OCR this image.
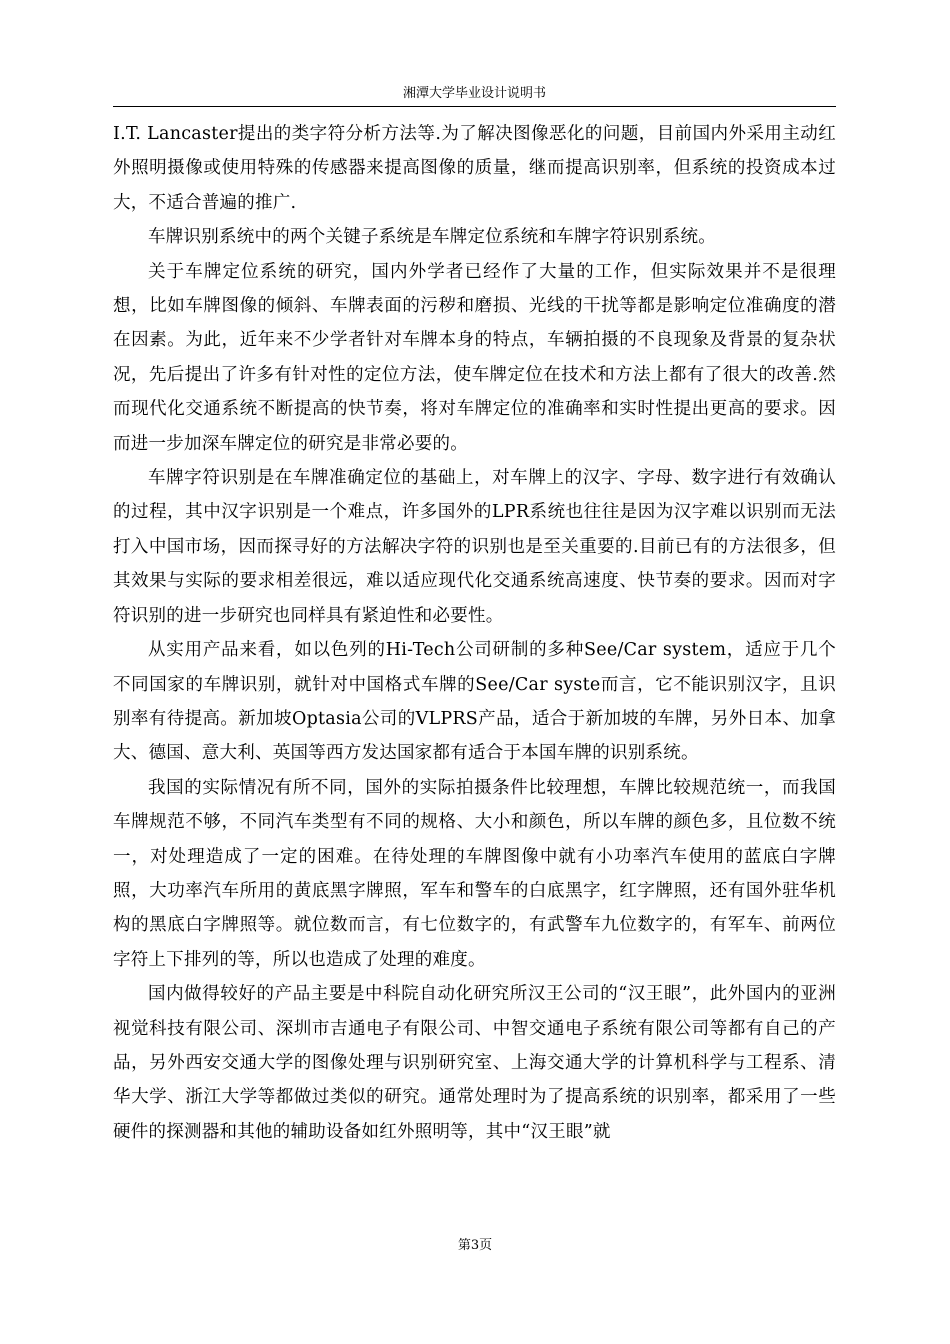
湘潭大学毕业设计说明书

I.T. Lancaster提出的类字符分析方法等.为了解决图像恶化的问题，目前国内外采用主动红外照明摄像或使用特殊的传感器来提高图像的质量，继而提高识别率，但系统的投资成本过大，不适合普遍的推广.

车牌识别系统中的两个关键子系统是车牌定位系统和车牌字符识别系统。

关于车牌定位系统的研究，国内外学者已经作了大量的工作，但实际效果并不是很理想，比如车牌图像的倾斜、车牌表面的污秽和磨损、光线的干扰等都是影响定位准确度的潜在因素。为此，近年来不少学者针对车牌本身的特点，车辆拍摄的不良现象及背景的复杂状况，先后提出了许多有针对性的定位方法，使车牌定位在技术和方法上都有了很大的改善.然而现代化交通系统不断提高的快节奏，将对车牌定位的准确率和实时性提出更高的要求。因而进一步加深车牌定位的研究是非常必要的。

车牌字符识别是在车牌准确定位的基础上，对车牌上的汉字、字母、数字进行有效确认的过程，其中汉字识别是一个难点，许多国外的LPR系统也往往是因为汉字难以识别而无法打入中国市场，因而探寻好的方法解决字符的识别也是至关重要的.目前已有的方法很多，但其效果与实际的要求相差很远，难以适应现代化交通系统高速度、快节奏的要求。因而对字符识别的进一步研究也同样具有紧迫性和必要性。

从实用产品来看，如以色列的Hi-Tech公司研制的多种See/Car system，适应于几个不同国家的车牌识别，就针对中国格式车牌的See/Car syste而言，它不能识别汉字，且识别率有待提高。新加坡Optasia公司的VLPRS产品，适合于新加坡的车牌，另外日本、加拿大、德国、意大利、英国等西方发达国家都有适合于本国车牌的识别系统。

我国的实际情况有所不同，国外的实际拍摄条件比较理想，车牌比较规范统一，而我国车牌规范不够，不同汽车类型有不同的规格、大小和颜色，所以车牌的颜色多，且位数不统一，对处理造成了一定的困难。在待处理的车牌图像中就有小功率汽车使用的蓝底白字牌照，大功率汽车所用的黄底黑字牌照，军车和警车的白底黑字，红字牌照，还有国外驻华机构的黑底白字牌照等。就位数而言，有七位数字的，有武警车九位数字的，有军车、前两位字符上下排列的等，所以也造成了处理的难度。

国内做得较好的产品主要是中科院自动化研究所汉王公司的“汉王眼”，此外国内的亚洲视觉科技有限公司、深圳市吉通电子有限公司、中智交通电子系统有限公司等都有自己的产品，另外西安交通大学的图像处理与识别研究室、上海交通大学的计算机科学与工程系、清华大学、浙江大学等都做过类似的研究。通常处理时为了提高系统的识别率，都采用了一些硬件的探测器和其他的辅助设备如红外照明等，其中“汉王眼”就

第3页
